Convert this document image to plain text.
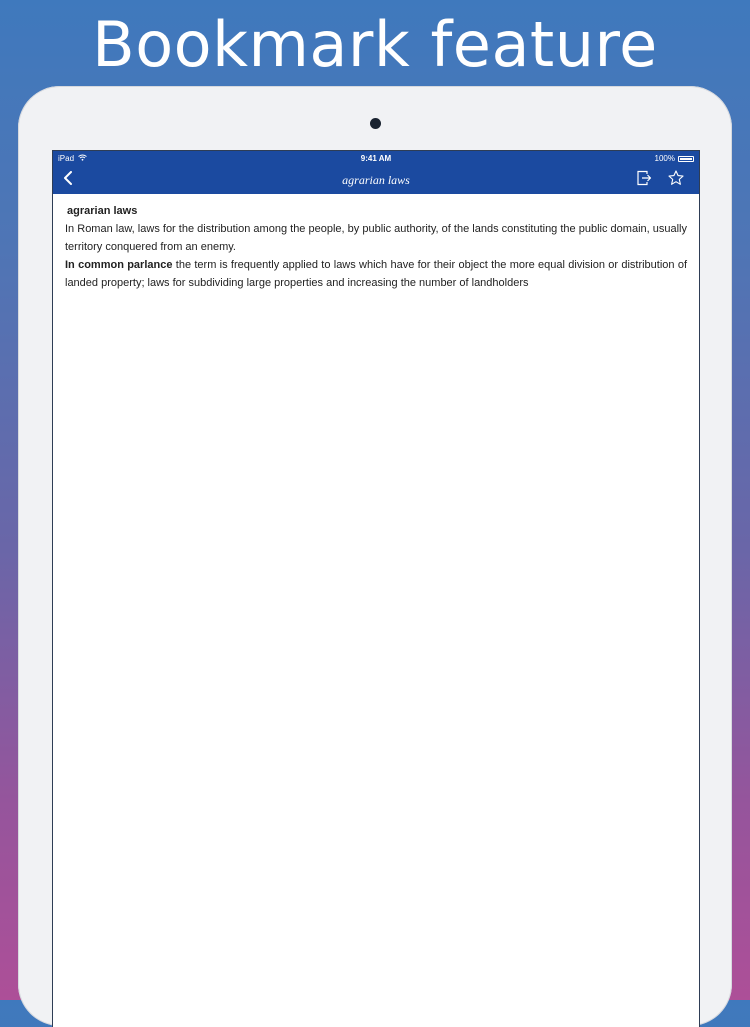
Bookmark feature
iPad	9:41 AM	100%
agrarian laws

agrarian laws

In Roman law, laws for the distribution among the people, by public authority, of the lands constituting the public domain, usually territory conquered from an enemy.

In common parlance the term is frequently applied to laws which have for their object the more equal division or distribution of landed property; laws for subdividing large properties and increasing the number of landholders
